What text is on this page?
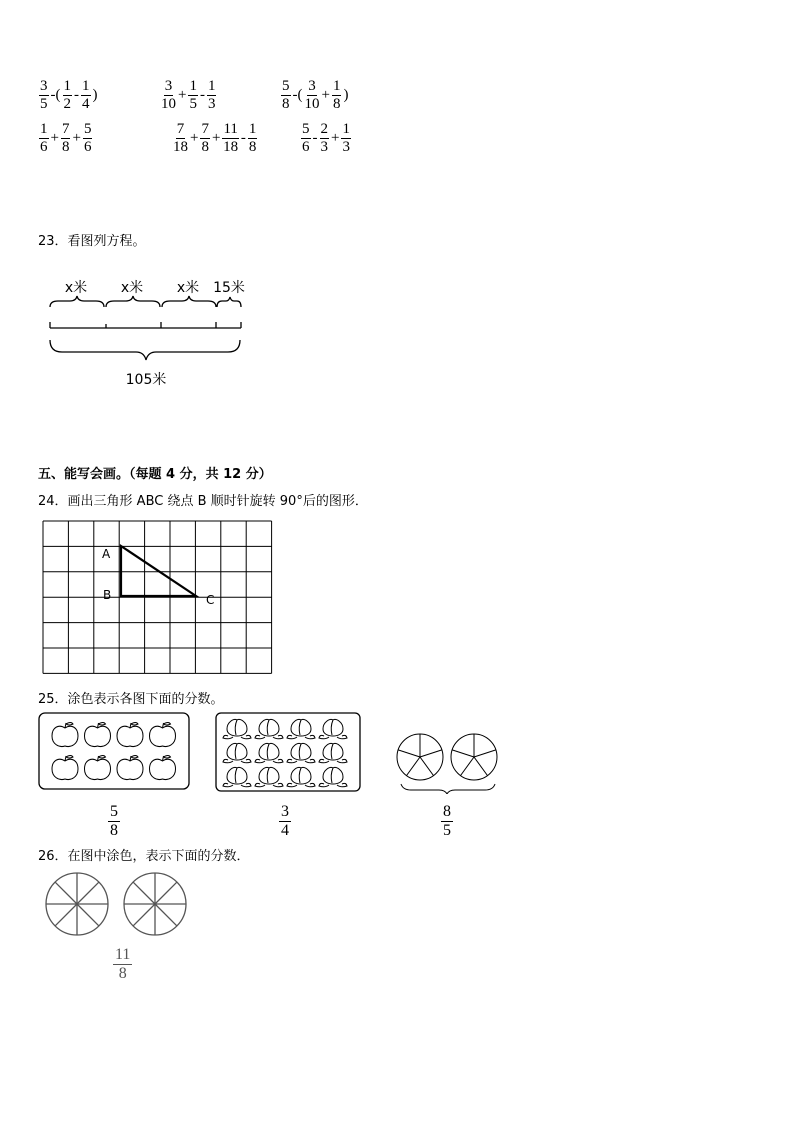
$\frac{3}{5}$ -( $\frac{1}{2} - \frac{1}{4}$ )	$\frac{3}{10} + \frac{1}{5} - \frac{1}{3}$	$\frac{5}{8}$ -( $\frac{3}{10} + \frac{1}{8}$ )
$\frac{1}{6} + \frac{7}{8} + \frac{5}{6}$	$\frac{7}{18} + \frac{7}{8} + \frac{11}{18} - \frac{1}{8}$	$\frac{5}{6} - \frac{2}{3} + \frac{1}{3}$
23．看图列方程。
x米 x米 x米 15米
105米
五、能写会画。（每题 4 分，共 12 分）
24．画出三角形 ABC 绕点 B 顺时针旋转 90°后的图形．
A
B	C
25．涂色表示各图下面的分数。
5
8
3
4
8
5
26．在图中涂色，表示下面的分数．
11
8
